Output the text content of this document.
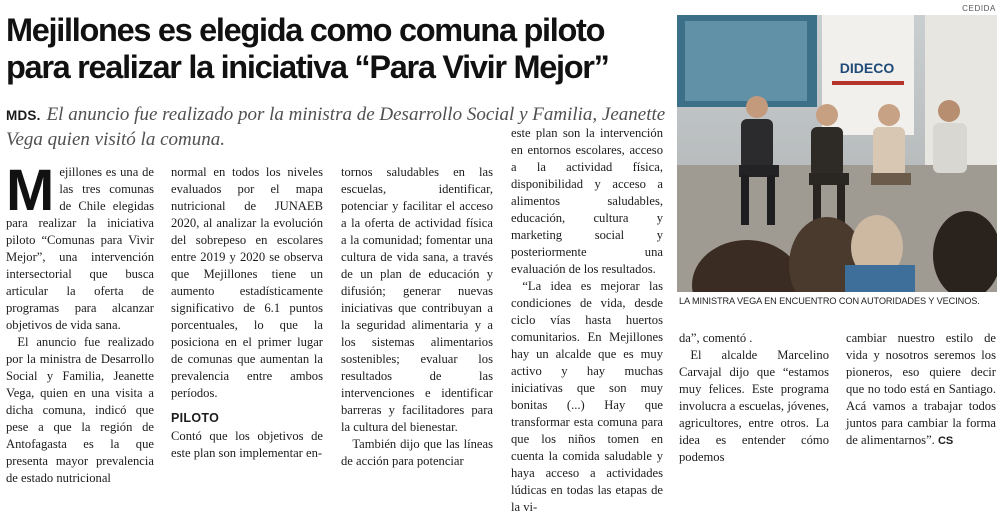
CEDIDA
Mejillones es elegida como comuna piloto
para realizar la iniciativa “Para Vivir Mejor”
MDS. El anuncio fue realizado por la ministra de Desarrollo Social y Familia, Jeanette Vega quien visitó la comuna.

Mejillones es una de las tres comunas de Chile elegidas para realizar la iniciativa piloto “Comunas para Vivir Mejor”, una intervención intersectorial que busca articular la oferta de programas para alcanzar objetivos de vida sana.

El anuncio fue realizado por la ministra de Desarrollo Social y Familia, Jeanette Vega, quien en una visita a dicha comuna, indicó que pese a que la región de Antofagasta es la que presenta mayor prevalencia de estado nutricional

normal en todos los niveles evaluados por el mapa nutricional de JUNAEB 2020, al analizar la evolución del sobrepeso en escolares entre 2019 y 2020 se observa que Mejillones tiene un aumento estadísticamente significativo de 6.1 puntos porcentuales, lo que la posiciona en el primer lugar de comunas que aumentan la prevalencia entre ambos períodos.

PILOTO

Contó que los objetivos de este plan son implementar en-

tornos saludables en las escuelas, identificar, potenciar y facilitar el acceso a la oferta de actividad física a la comunidad; fomentar una cultura de vida sana, a través de un plan de educación y difusión; generar nuevas iniciativas que contribuyan a la seguridad alimentaria y a los sistemas alimentarios sostenibles; evaluar los resultados de las intervenciones e identificar barreras y facilitadores para la cultura del bienestar.

También dijo que las líneas de acción para potenciar

este plan son la intervención en entornos escolares, acceso a la actividad física, disponibilidad y acceso a alimentos saludables, educación, cultura y marketing social y posteriormente una evaluación de los resultados.

“La idea es mejorar las condiciones de vida, desde ciclo vías hasta huertos comunitarios. En Mejillones hay un alcalde que es muy activo y hay muchas iniciativas que son muy bonitas (...) Hay que transformar esta comuna para que los niños tomen en cuenta la comida saludable y haya acceso a actividades lúdicas en todas las etapas de la vi-

DIDECO
LA MINISTRA VEGA EN ENCUENTRO CON AUTORIDADES Y VECINOS.

da”, comentó .

El alcalde Marcelino Carvajal dijo que “estamos muy felices. Este programa involucra a escuelas, jóvenes, agricultores, entre otros. La idea es entender cómo podemos

cambiar nuestro estilo de vida y nosotros seremos los pioneros, eso quiere decir que no todo está en Santiago. Acá vamos a trabajar todos juntos para cambiar la forma de alimentarnos”. CS
